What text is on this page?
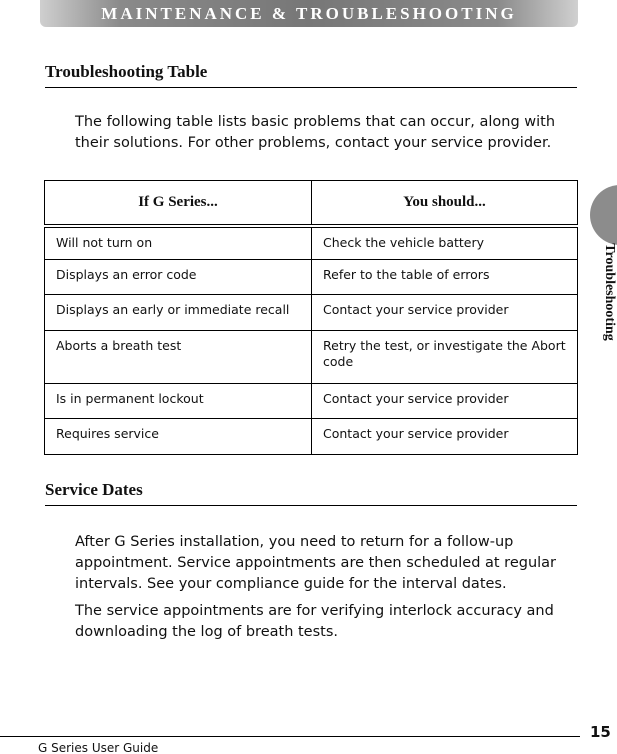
MAINTENANCE & TROUBLESHOOTING
Troubleshooting Table

The following table lists basic problems that can occur, along with their solutions. For other problems, contact your service provider.

If G Series...	You should...
Will not turn on	Check the vehicle battery
Displays an error code	Refer to the table of errors
Displays an early or immediate recall	Contact your service provider
Aborts a breath test	Retry the test, or investigate the Abort code
Is in permanent lockout	Contact your service provider
Requires service	Contact your service provider
Service Dates

After G Series installation, you need to return for a follow-up appointment. Service appointments are then scheduled at regular intervals. See your compliance guide for the interval dates.

The service appointments are for verifying interlock accuracy and downloading the log of breath tests.

Troubleshooting
15
G Series User Guide
